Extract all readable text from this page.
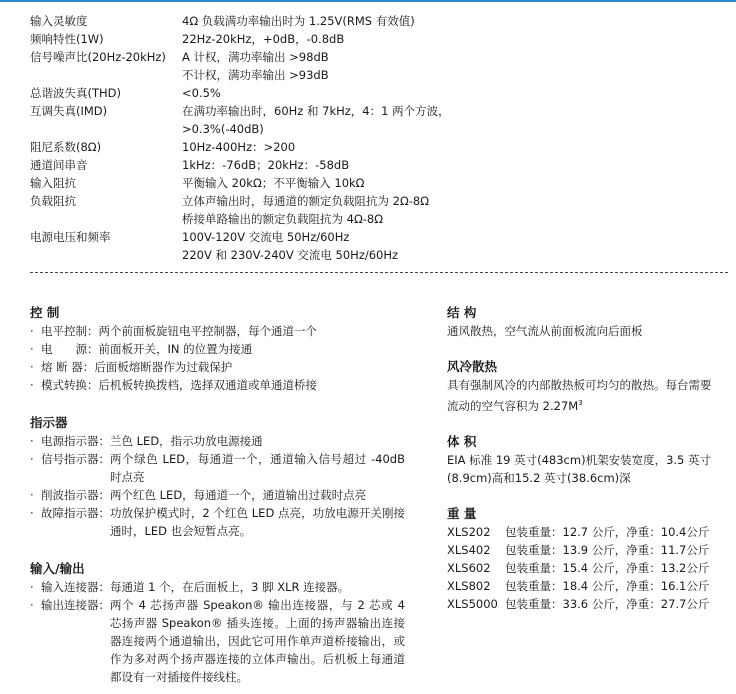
输入灵敏度	4Ω 负载满功率输出时为 1.25V(RMS 有效值)
频响特性(1W)	22Hz-20kHz，+0dB，-0.8dB
信号噪声比(20Hz-20kHz)	A 计权，满功率输出 >98dB
不计权，满功率输出 >93dB
总谐波失真(THD)	<0.5%
互调失真(IMD)	在满功率输出时，60Hz 和 7kHz，4：1 两个方波，
>0.3%(-40dB)
阻尼系数(8Ω)	10Hz-400Hz：>200
通道间串音	1kHz：-76dB；20kHz：-58dB
输入阻抗	平衡输入 20kΩ；不平衡输入 10kΩ
负载阻抗	立体声输出时，每通道的额定负载阻抗为 2Ω-8Ω
桥接单路输出的额定负载阻抗为 4Ω-8Ω
电源电压和频率	100V-120V 交流电 50Hz/60Hz
220V 和 230V-240V 交流电 50Hz/60Hz
控 制
· 电平控制： 两个前面板旋钮电平控制器，每个通道一个
· 电　　源： 前面板开关，IN 的位置为接通
· 熔 断 器： 后面板熔断器作为过载保护
· 模式转换： 后机板转换拨档，选择双通道或单通道桥接
指示器
· 电源指示器： 兰色 LED，指示功放电源接通
· 信号指示器： 两个绿色 LED，每通道一个，通道输入信号超过 -40dB 时点亮
· 削波指示器： 两个红色 LED，每通道一个，通道输出过载时点亮
· 故障指示器： 功放保护模式时，2 个红色 LED 点亮，功放电源开关刚接通时，LED 也会短暂点亮。
输入/输出
· 输入连接器： 每通道 1 个，在后面板上，3 脚 XLR 连接器。
· 输出连接器： 两个 4 芯扬声器 Speakon® 输出连接器，与 2 芯或 4 芯扬声器 Speakon® 插头连接。上面的扬声器输出连接器连接两个通道输出，因此它可用作单声道桥接输出，或作为多对两个扬声器连接的立体声输出。后机板上每通道都设有一对插接件接线柱。
结 构
通风散热，空气流从前面板流向后面板
风冷散热
具有强制风冷的内部散热板可均匀的散热。每台需要流动的空气容积为 $2.27M^3$
体 积
EIA 标准 19 英寸(483cm)机架安装宽度，3.5 英寸(8.9cm)高和15.2 英寸(38.6cm)深
重 量
XLS202	包装重量：12.7 公斤，净重：10.4公斤
XLS402	包装重量：13.9 公斤，净重：11.7公斤
XLS602	包装重量：15.4 公斤，净重：13.2公斤
XLS802	包装重量：18.4 公斤，净重：16.1公斤
XLS5000 包装重量：33.6 公斤，净重：27.7公斤
